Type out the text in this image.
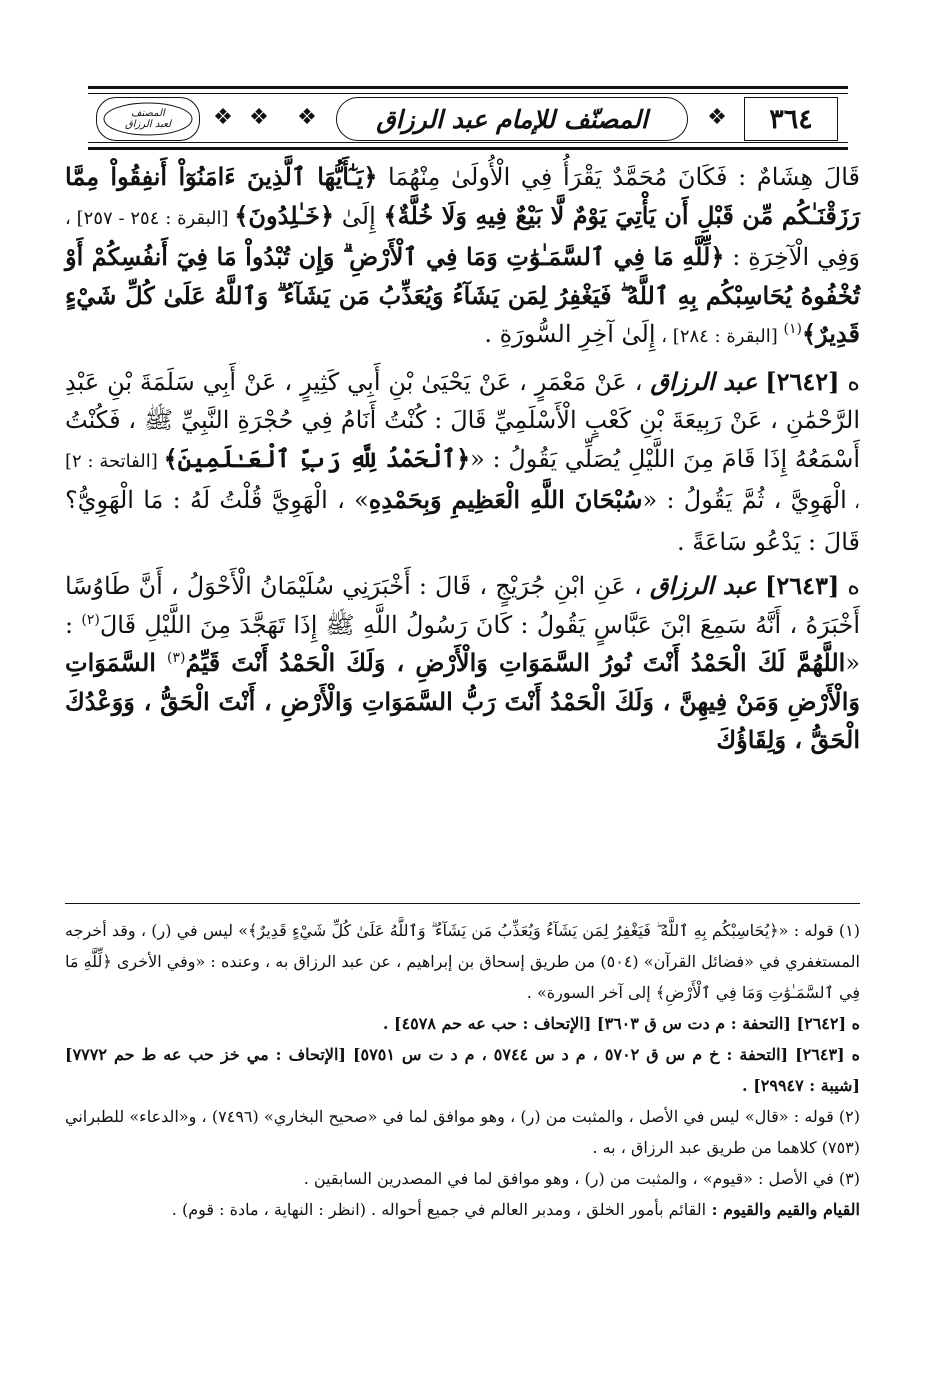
٣٦٤
❖
المصنّف للإمام عبد الرزاق
❖
❖
❖
المصنف
لعبد الرزاق

قَالَ هِشَامٌ : فَكَانَ مُحَمَّدٌ يَقْرَأُ فِي الْأُولَىٰ مِنْهُمَا ﴿يَـٰٓأَيُّهَا ٱلَّذِينَ ءَامَنُوٓاْ أَنفِقُواْ مِمَّا رَزَقْنَـٰكُم مِّن قَبْلِ أَن يَأْتِيَ يَوْمٌ لَّا بَيْعٌ فِيهِ وَلَا خُلَّةٌ﴾ إِلَىٰ ﴿خَـٰلِدُونَ﴾ [البقرة : ٢٥٤ - ٢٥٧] ، وَفِي الْآخِرَةِ : ﴿لِّلَّهِ مَا فِي ٱلسَّمَـٰوَٰتِ وَمَا فِي ٱلْأَرْضِ ۗ وَإِن تُبْدُواْ مَا فِيٓ أَنفُسِكُمْ أَوْ تُخْفُوهُ يُحَاسِبْكُم بِهِ ٱللَّهُ ۖ فَيَغْفِرُ لِمَن يَشَآءُ وَيُعَذِّبُ مَن يَشَآءُ ۗ وَٱللَّهُ عَلَىٰ كُلِّ شَيْءٍ قَدِيرٌ﴾$^{(١)}$ [البقرة : ٢٨٤] ، إِلَىٰ آخِرِ السُّورَةِ .

ه [٢٦٤٢] عبد الرزاق ، عَنْ مَعْمَرٍ ، عَنْ يَحْيَىٰ بْنِ أَبِي كَثِيرٍ ، عَنْ أَبِي سَلَمَةَ بْنِ عَبْدِ الرَّحْمَٰنِ ، عَنْ رَبِيعَةَ بْنِ كَعْبٍ الْأَسْلَمِيِّ قَالَ : كُنْتُ أَنَامُ فِي حُجْرَةِ النَّبِيِّ ﷺ ، فَكُنْتُ أَسْمَعُهُ إِذَا قَامَ مِنَ اللَّيْلِ يُصَلِّي يَقُولُ : «﴿ٱلْحَمْدُ لِلَّهِ رَبِّ ٱلْعَـٰلَمِينَ﴾ [الفاتحة : ٢] ، الْهَوِيَّ ، ثُمَّ يَقُولُ : «سُبْحَانَ اللَّهِ الْعَظِيمِ وَبِحَمْدِهِ» ، الْهَوِيَّ قُلْتُ لَهُ : مَا الْهَوِيُّ؟ قَالَ : يَدْعُو سَاعَةً .

ه [٢٦٤٣] عبد الرزاق ، عَنِ ابْنِ جُرَيْجٍ ، قَالَ : أَخْبَرَنِي سُلَيْمَانُ الْأَحْوَلُ ، أَنَّ طَاوُسًا أَخْبَرَهُ ، أَنَّهُ سَمِعَ ابْنَ عَبَّاسٍ يَقُولُ : كَانَ رَسُولُ اللَّهِ ﷺ إِذَا تَهَجَّدَ مِنَ اللَّيْلِ قَالَ$^{(٢)}$ : «اللَّهُمَّ لَكَ الْحَمْدُ أَنْتَ نُورُ السَّمَوَاتِ وَالْأَرْضِ ، وَلَكَ الْحَمْدُ أَنْتَ قَيِّمُ$^{(٣)}$ السَّمَوَاتِ وَالْأَرْضِ وَمَنْ فِيهِنَّ ، وَلَكَ الْحَمْدُ أَنْتَ رَبُّ السَّمَوَاتِ وَالْأَرْضِ ، أَنْتَ الْحَقُّ ، وَوَعْدُكَ الْحَقُّ ، وَلِقَاؤُكَ

(١) قوله : «﴿يُحَاسِبْكُم بِهِ ٱللَّهُ ۖ فَيَغْفِرُ لِمَن يَشَآءُ وَيُعَذِّبُ مَن يَشَآءُ ۗ وَٱللَّهُ عَلَىٰ كُلِّ شَيْءٍ قَدِيرٌ﴾» ليس في (ر) ، وقد أخرجه المستغفري في «فضائل القرآن» (٥٠٤) من طريق إسحاق بن إبراهيم ، عن عبد الرزاق به ، وعنده : «وفي الأخرى ﴿لِّلَّهِ مَا فِي ٱلسَّمَـٰوَٰتِ وَمَا فِي ٱلْأَرْضِ﴾ إلى آخر السورة» .

ه [٢٦٤٢] [التحفة : م دت س ق ٣٦٠٣] [الإتحاف : حب عه حم ٤٥٧٨] .

ه [٢٦٤٣] [التحفة : خ م س ق ٥٧٠٢ ، م د س ٥٧٤٤ ، م د ت س ٥٧٥١] [الإتحاف : مي خز حب عه ط حم ٧٧٧٢] [شيبة : ٢٩٩٤٧] .

(٢) قوله : «قال» ليس في الأصل ، والمثبت من (ر) ، وهو موافق لما في «صحيح البخاري» (٧٤٩٦) ، و«الدعاء» للطبراني (٧٥٣) كلاهما من طريق عبد الرزاق ، به .

(٣) في الأصل : «قيوم» ، والمثبت من (ر) ، وهو موافق لما في المصدرين السابقين .

القيام والقيم والقيوم : القائم بأمور الخلق ، ومدبر العالم في جميع أحواله . (انظر : النهاية ، مادة : قوم) .
